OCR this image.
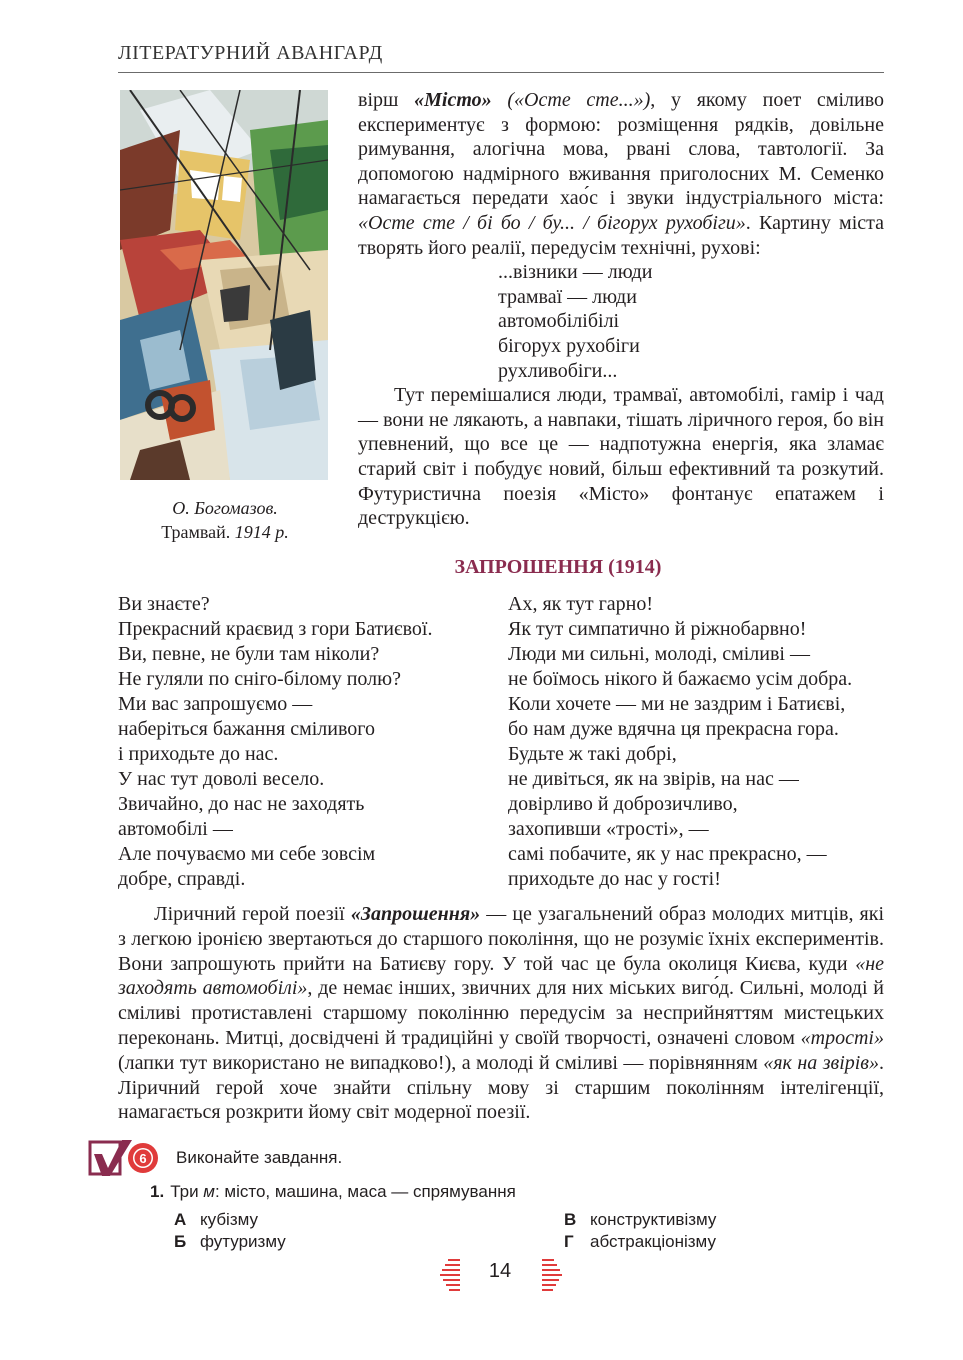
ЛІТЕРАТУРНИЙ АВАНГАРД
О. Богомазов.
Трамвай. 1914 р.

вірш «Місто» («Осте сте...»), у якому поет сміливо експериментує з формою: розміщення рядків, довільне римування, алогічна мова, рвані слова, тавтології. За допомогою надмірного вживання приголосних М. Семенко намагається передати хао́с і звуки індустріального міста: «Осте сте / бі бо / бу... / бігорух рухобіги». Картину міста творять його реалії, передусім технічні, рухові:

...візники — люди
трамваї — люди
автомобілібілі
бігорух рухобіги
рухливобіги...

Тут перемішалися люди, трамваї, автомобілі, гамір і чад — вони не лякають, а навпаки, тішать ліричного героя, бо він упевнений, що все це — надпотужна енергія, яка зламає старий світ і побудує новий, більш ефективний та розкутий. Футуристична поезія «Місто» фонтанує епатажем і деструкцією.

ЗАПРОШЕННЯ (1914)
Ви знаєте?
Прекрасний краєвид з гори Батиєвої.
Ви, певне, не були там ніколи?
Не гуляли по сніго-білому полю?
Ми вас запрошуємо —
наберіться бажання сміливого
і приходьте до нас.
У нас тут доволі весело.
Звичайно, до нас не заходять
автомобілі —
Але почуваємо ми себе зовсім
добре, справді.
Ах, як тут гарно!
Як тут симпатично й ріжнобарвно!
Люди ми сильні, молоді, сміливі —
не боїмось нікого й бажаємо усім добра.
Коли хочете — ми не заздрим і Батиєві,
бо нам дуже вдячна ця прекрасна гора.
Будьте ж такі добрі,
не дивіться, як на звірів, на нас —
довірливо й доброзичливо,
захопивши «трості», —
самі побачите, як у нас прекрасно, —
приходьте до нас у гості!

Ліричний герой поезії «Запрошення» — це узагальнений образ молодих митців, які з легкою іронією звертаються до старшого покоління, що не розуміє їхніх експериментів. Вони запрошують прийти на Батиєву гору. У той час це була околиця Києва, куди «не заходять автомобілі», де немає інших, звичних для них міських виго́д. Сильні, молоді й сміливі протиставлені старшому поколінню передусім за несприйняттям мистецьких переконань. Митці, досвідчені й традиційні у своїй творчості, означені словом «трості» (лапки тут використано не випадково!), а молоді й сміливі — порівнянням «як на звірів». Ліричний герой хоче знайти спільну мову зі старшим поколінням інтелігенції, намагається розкрити йому світ модерної поезії.

6 Виконайте завдання.
1. Три м: місто, машина, маса — спрямування
А кубізму
Б футуризму
В конструктивізму
Г абстракціонізму
14
